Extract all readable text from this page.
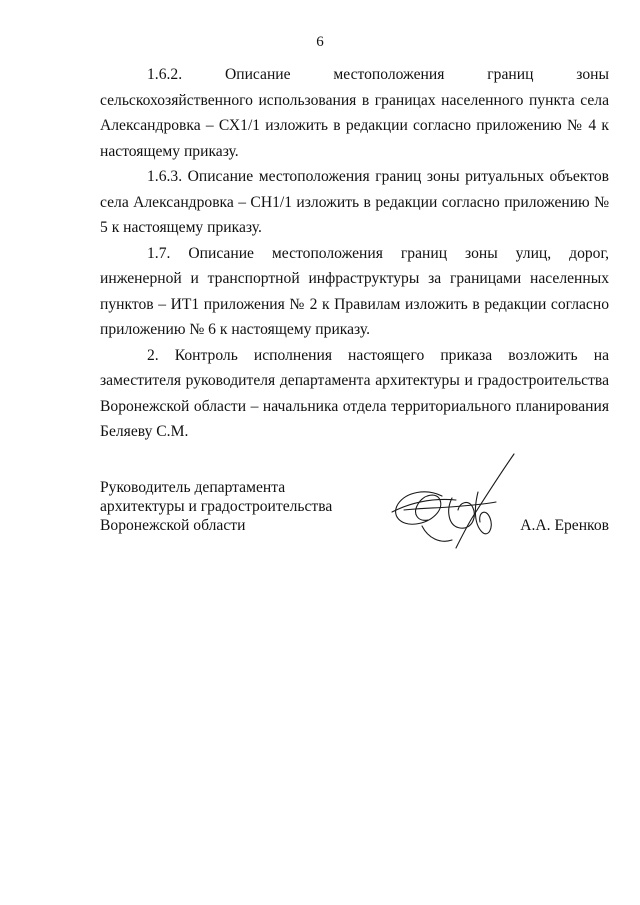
6

1.6.2. Описание местоположения границ зоны сельскохозяйственного использования в границах населенного пункта села Александровка – СХ1/1 изложить в редакции согласно приложению № 4 к настоящему приказу.

1.6.3. Описание местоположения границ зоны ритуальных объектов села Александровка – СН1/1 изложить в редакции согласно приложению № 5 к настоящему приказу.

1.7. Описание местоположения границ зоны улиц, дорог, инженерной и транспортной инфраструктуры за границами населенных пунктов – ИТ1 приложения № 2 к Правилам изложить в редакции согласно приложению № 6 к настоящему приказу.

2. Контроль исполнения настоящего приказа возложить на заместителя руководителя департамента архитектуры и градостроительства Воронежской области – начальника отдела территориального планирования Беляеву С.М.

Руководитель департамента
архитектуры и градостроительства
Воронежской области	А.А. Еренков
